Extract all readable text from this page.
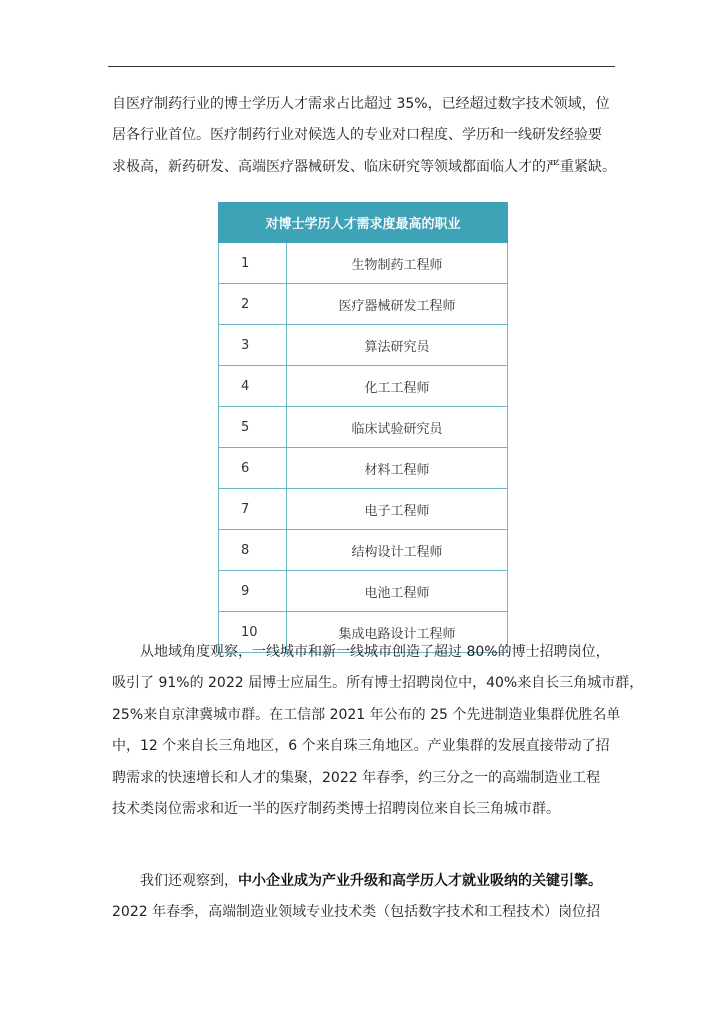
自医疗制药行业的博士学历人才需求占比超过 35%，已经超过数字技术领域，位
居各行业首位。医疗制药行业对候选人的专业对口程度、学历和一线研发经验要
求极高，新药研发、高端医疗器械研发、临床研究等领域都面临人才的严重紧缺。

对博士学历人才需求度最高的职业	
1	生物制药工程师
2	医疗器械研发工程师
3	算法研究员
4	化工工程师
5	临床试验研究员
6	材料工程师
7	电子工程师
8	结构设计工程师
9	电池工程师
10	集成电路设计工程师

　　从地域角度观察，一线城市和新一线城市创造了超过 80%的博士招聘岗位，
吸引了 91%的 2022 届博士应届生。所有博士招聘岗位中，40%来自长三角城市群，
25%来自京津冀城市群。在工信部 2021 年公布的 25 个先进制造业集群优胜名单
中，12 个来自长三角地区，6 个来自珠三角地区。产业集群的发展直接带动了招
聘需求的快速增长和人才的集聚，2022 年春季，约三分之一的高端制造业工程
技术类岗位需求和近一半的医疗制药类博士招聘岗位来自长三角城市群。

　　我们还观察到，中小企业成为产业升级和高学历人才就业吸纳的关键引擎。
2022 年春季，高端制造业领域专业技术类（包括数字技术和工程技术）岗位招
